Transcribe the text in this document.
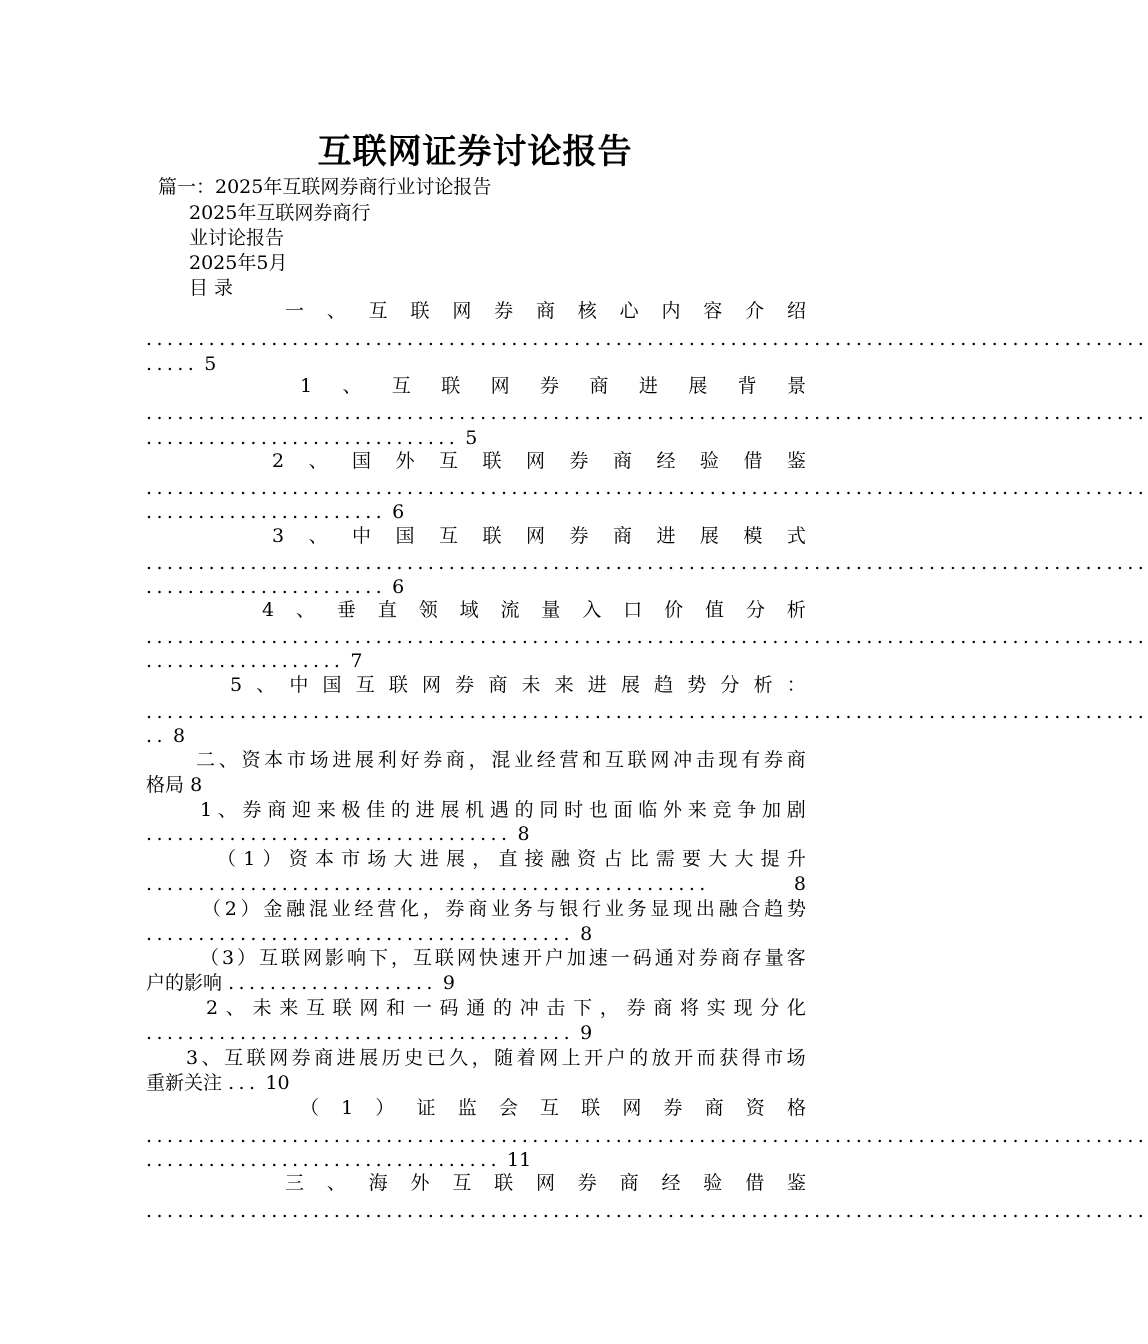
互联网证券讨论报告
篇一：2025年互联网券商行业讨论报告
2025年互联网券商行
业讨论报告
2025年5月
目 录
一 、 互 联 网 券 商 核 心 内 容 介 绍
................................................................................................
..... 5
1 、 互 联 网 券 商 进 展 背 景
................................................................................................
.............................. 5
2 、 国 外 互 联 网 券 商 经 验 借 鉴
................................................................................................
....................... 6
3 、 中 国 互 联 网 券 商 进 展 模 式
................................................................................................
....................... 6
4 、 垂 直 领 域 流 量 入 口 价 值 分 析
................................................................................................
................... 7
5 、 中 国 互 联 网 券 商 未 来 进 展 趋 势 分 析 ：
................................................................................................
.. 8
二 、 资 本 市 场 进 展 利 好 券 商 ， 混 业 经 营 和 互 联 网 冲 击 现 有 券 商
格局 8
1 、 券 商 迎 来 极 佳 的 进 展 机 遇 的 同 时 也 面 临 外 来 竞 争 加 剧
................................... 8
（ 1 ） 资 本 市 场 大 进 展 ， 直 接 融 资 占 比 需 要 大 大 提 升
......................................................	8
（ 2 ） 金 融 混 业 经 营 化 ， 券 商 业 务 与 银 行 业 务 显 现 出 融 合 趋 势
......................................... 8
（ 3 ） 互 联 网 影 响 下 ， 互 联 网 快 速 开 户 加 速 一 码 通 对 券 商 存 量 客
户的影响 .................... 9
2 、 未 来 互 联 网 和 一 码 通 的 冲 击 下 ， 券 商 将 实 现 分 化
......................................... 9
3 、 互 联 网 券 商 进 展 历 史 已 久 ， 随 着 网 上 开 户 的 放 开 而 获 得 市 场
重新关注 ... 10
（ 1 ） 证 监 会 互 联 网 券 商 资 格
................................................................................................
.................................. 11
三 、 海 外 互 联 网 券 商 经 验 借 鉴
................................................................................................
